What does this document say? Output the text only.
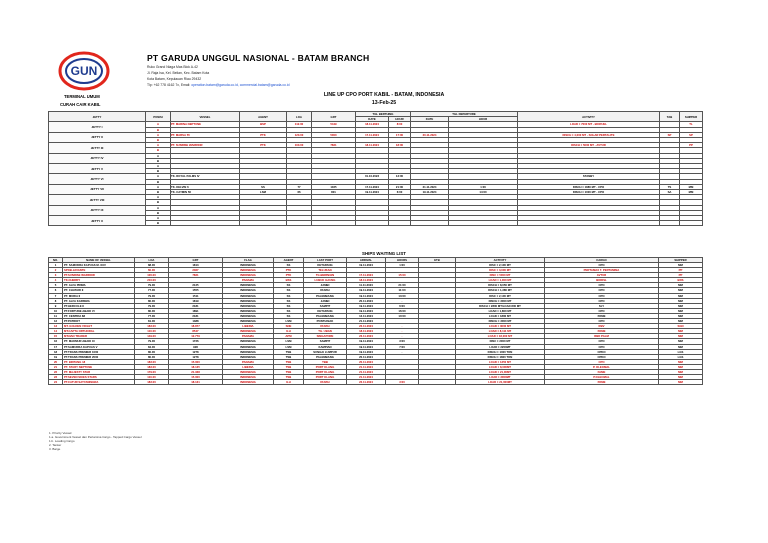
GUN
PT GARUDA UNGGUL NASIONAL - BATAM BRANCH
Ruko Grand Niaga Mas Blok A-42
Jl. Raja Isa, Kel. Belian, Kec. Batam Kota
Kota Batam, Kepulauan Riau 29432
Tlp: +62 778 4162 7x, Email: operation.batam@garuda.co.id, commercial.batam@garuda.co.id
TERMINAL UMUM
CURAH CAIR KABIL
LINE UP CPO PORT KABIL - BATAM, INDONESIA
13-Feb-25
JETTY	POSISI	VESSEL	AGENT	LOA	GRT	TGL BERTHING		TGL DEPARTURE		ACTIVITY	TAB	SHIPPER
						DATE	HOUR	DATE	HOUR			
JETTY I	A	PT. MARINA NEPTUNE	BSP	112.00	5449	18.11.2024	8:00			LOAD ± 7000 MT - BIOFUEL		TL
	B											
JETTY II	A	PT. MARSA 55	PTK	120.00	5000	17.11.2024	17:00	20.11.2024		DISCH ± 4,000 MT - SOLAR PERTALITE	SP	SP
	B											
JETTY III	A	PT. SUNRISE WARRIOR	PTK	100.00	7821	18.11.2024	18:00			DISCH ± 5000 MT - AVTUR		PP
	B											
JETTY IV	A											
	B											
JETTY V	A											
	B											
JETTY VI	A	TK. ROYAL PALMS IV				01.10.2023	13:00			STANBY		
	B											
JETTY VII	A	TK. KELVIN 6	SS	77	1025	17.11.2024	21:00	21.11.2024	1:00	DISCH ± 1880 MT - CPO	TS	MM
	B	TK. CAYMIN 56	LSM	66	801	19.11.2024	6:00	19.11.2024	14:00	DISCH ± 1000 MT - CPO	SA	MM
JETTY VIII	A											
	B											
JETTY IX	A											
	B											
JETTY X	A											
	B											
SHIPS WAITING LIST
NO.	NAME OF VESSEL	LOA	GRT	FLAG	AGENT	LAST PORT	ARRIVAL	HOURS	ETB	ACTIVITY	CARGO	SHIPPER
1	PT. SAMUDRA KAPUAS M. XXV	88.00	1813	INDONESIA	SS	KETAPANG	19.11.2024	1:00		DISC ± 2,100 MT	CPO	MM
2	SPOB.JAVANTE	60.00	2367	INDONESIA	PTK	TELUKAN				DISC ± 3,000 MT	PERTAMAX T. PERTAMINA	PP
3	PT.SUNRISE WARRIOR	100.00	7821	INDONESIA	PTK	TG.BERINGIN	17.11.2024	15:00		DISC ± 5000 MT	AVTUR	PP
4	TK.CHERRY	210.00		PANAMA	BSS	LUBUK GAUNG	18.11.2024			LOAD ± 1,000 MT	BIODSL	BDS
5	PT. ALFA PRIMA	79.00	2125	INDONESIA	SS	JAMBI	11.11.2024	21:00		DISCH ± 8,050 MT	CPO	MM
6	PT. CHATARI II	77.00	1555	INDONESIA	SS	DUMAI	19.11.2024	11:00		DISCH ± 1,380 MT	CPO	MM
7	PT. MURIA II	79.00	1511	INDONESIA	SS	PALEMBANG	19.11.2024	13:00		DISC ± 2,100 MT	CPO	MM
8	PT. ALFA KARISMA	80.00	1819	INDONESIA	SS	JAMBI	20.11.2024	-		DISCH ± 3000 MT	CPO	MM
9	PT.HERCULE II	79.00	2181	INDONESIA	SS	SAMPIT	19.11.2024	6:00		DISCH ± 2800 MT/LOAD 800 MT	SLY	MM
10	PT.FORTUNE ABADI VI	80.00	1891	INDONESIA	SS	KETAPANG	19.11.2024	16:00		LOAD ± 1,800 MT	CPO	MM
11	PT. CENTRIA 88	77.00	2181	INDONESIA	SS	PALEMBANG	12.11.2024	10:00		LOAD ± 1880 MT	PAME	MM
12	PT.PATRIOT	81.00	1388	INDONESIA	LSM	PONTIANAK	21.11.2024			DISCH ± 3000 MT	CPO	MM
13	MT. GOLDEN VIOLET	183.00	18.877	LIBERIA	SNE	DUMAI	22.11.2024	-		LOAD ± 3000 MT	RBV	SGN
14	MT.CAPTA ORTHORAL	110.00	8547	INDONESIA	ILH	TG. UBAN	18.11.2024	-		LOAD ± 8,111 MT	PAME	MM
15	MT.NAN TRADER	149.00	12.779	PANAMA	APM	SINGAPORE	23.11.2024	-		LOAD ± 18,000 MT	RBD PALM	MM
16	PT. MAKMUR ABADI XI	79.00	1726	INDONESIA	LSM	SAMPIT	19.11.2024	3:00		DISC ± 2000 MT	CPO	MM
17	PT.SAMUDRA KAPUAS V	84.00	928	INDONESIA	LSM	KAMPIAN	19.11.2024	7:00		LOAD ± 2200MT	CPO	MM
18	PT.TRANS PREMIER 1000	80.00	1278	INDONESIA	TSB	SUNGAI LUMPUR	19.11.2024	-		DISCH ± 1000 TON	CPKO	LGS
19	PT.TRANS PREMIER 2000	80.00	1278	INDONESIA	TSB	PALEMBANG	20.11.2024			DISCH ± 1800 TON	CPKO	LGS
20	PT. BINTANG 18	183.00	15.000	PANAMA	TSB	TBB	20.11.2024			LOAD ± 1350 MT	CPO	MM
21	PT. STARY NEPTUNE	183.00	18.135	LIBERIA	TSB	PORT KLANG	21.11.2024			LOAD ± 8,000MT	P. OLEOMAL	MM
22	PT. MAJESTY STAR	179.00	21.338	INDONESIA	TSB	PORT KLANG	21.11.2024			LOAD ± 21,00MT	FAME	MM
23	PT.SEVEN SKIES STARS	110.00	15.000	INDONESIA	TSB	PORT KLANG	21.11.2024			LOAD ± 3000MT	P.OLEOMAL	MM
24	PT.CATUR SATYANINGRA	183.00	18.131	INDONESIA	ILH	DUMAI	22.11.2024	3:00		LOAD ± 21,000MT	PAME	MM
1. Priority Vessel:
1.a. Government Vessel dan Pertamina Cargo - Tapped Cargo Vessel
1.b. Loading Cargo
2. Tanker
3. Barge
